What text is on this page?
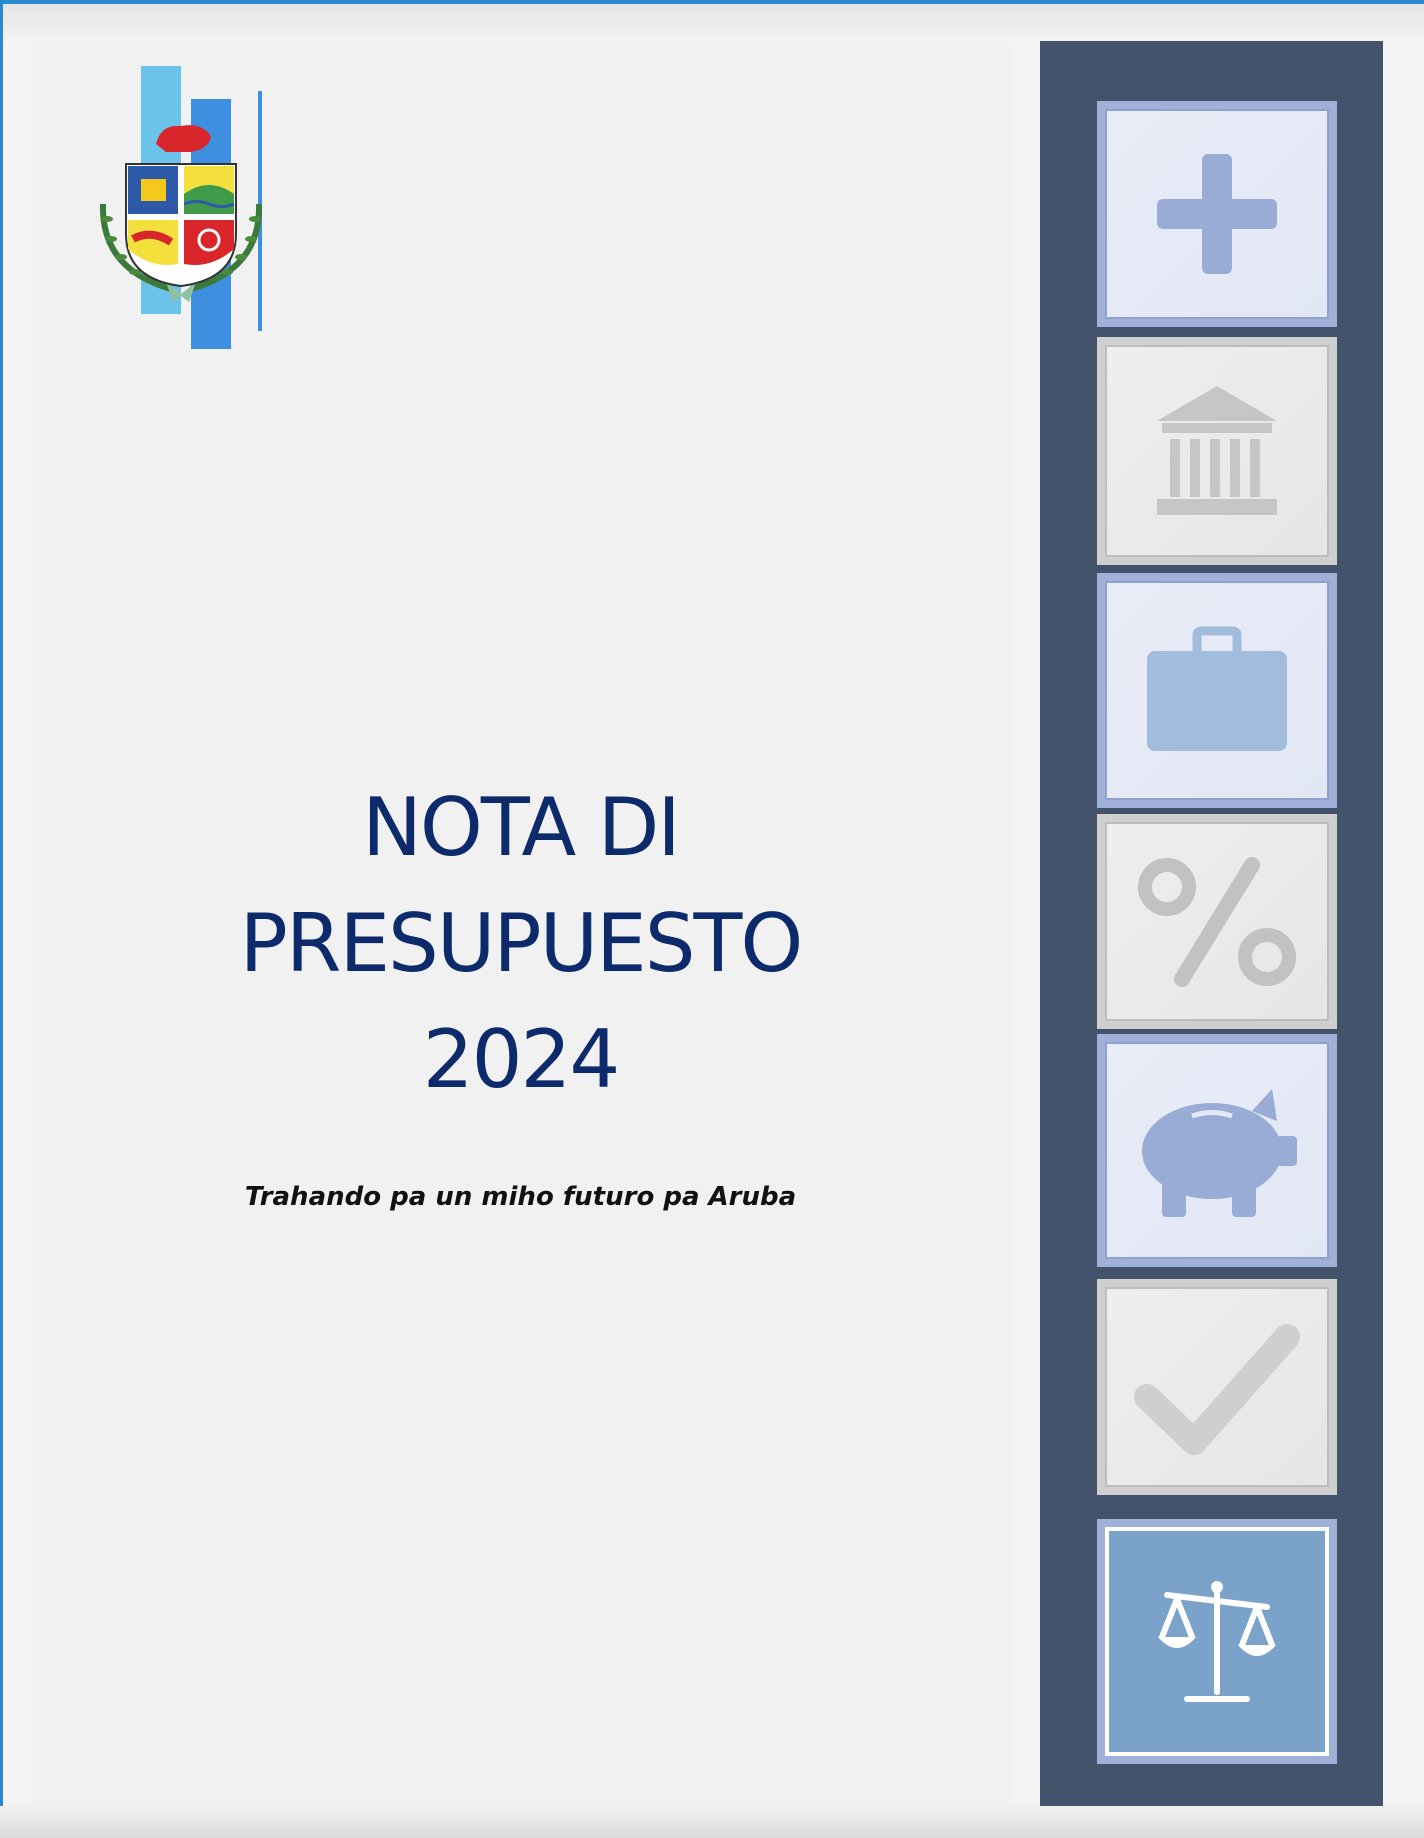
NOTA DI
PRESUPUESTO
2024
Trahando pa un miho futuro pa Aruba
